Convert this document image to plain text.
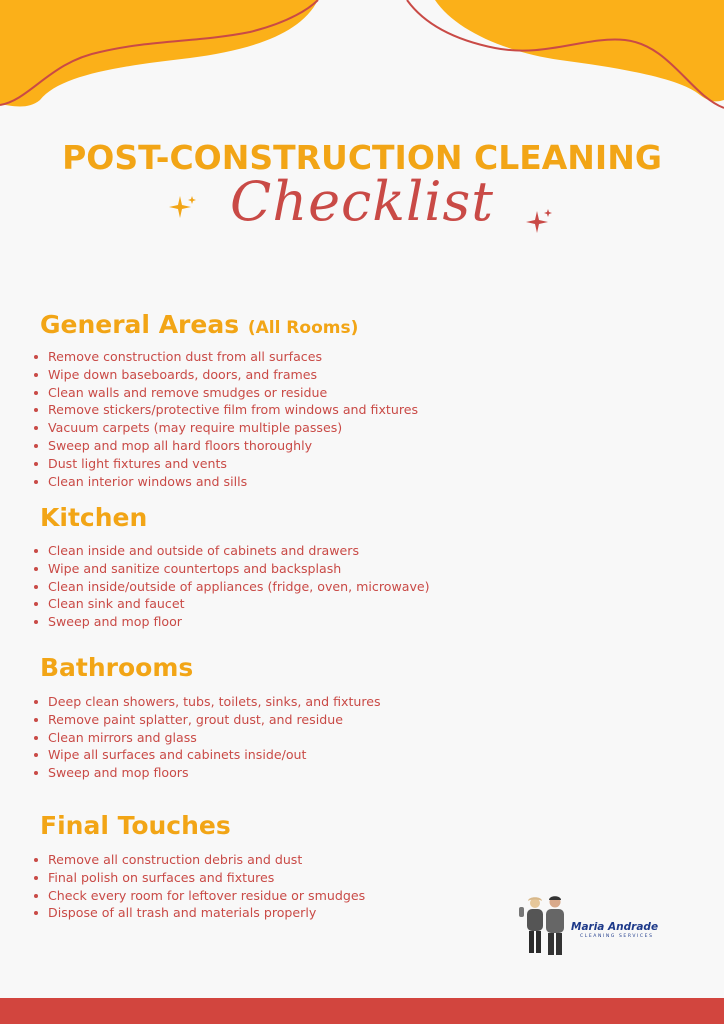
POST-CONSTRUCTION CLEANING
Checklist
General Areas (All Rooms)
Remove construction dust from all surfaces
Wipe down baseboards, doors, and frames
Clean walls and remove smudges or residue
Remove stickers/protective film from windows and fixtures
Vacuum carpets (may require multiple passes)
Sweep and mop all hard floors thoroughly
Dust light fixtures and vents
Clean interior windows and sills
Kitchen
Clean inside and outside of cabinets and drawers
Wipe and sanitize countertops and backsplash
Clean inside/outside of appliances (fridge, oven, microwave)
Clean sink and faucet
Sweep and mop floor
Bathrooms
Deep clean showers, tubs, toilets, sinks, and fixtures
Remove paint splatter, grout dust, and residue
Clean mirrors and glass
Wipe all surfaces and cabinets inside/out
Sweep and mop floors
Final Touches
Remove all construction debris and dust
Final polish on surfaces and fixtures
Check every room for leftover residue or smudges
Dispose of all trash and materials properly
Maria Andrade
CLEANING SERVICES
